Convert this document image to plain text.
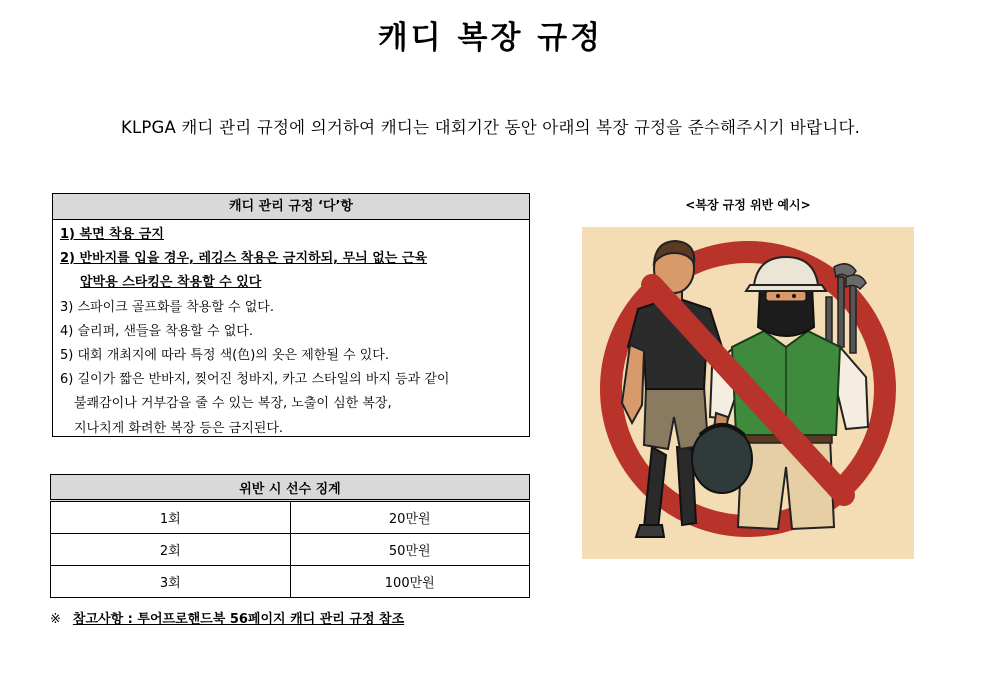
캐디 복장 규정
KLPGA 캐디 관리 규정에 의거하여 캐디는 대회기간 동안 아래의 복장 규정을 준수해주시기 바랍니다.
캐디 관리 규정 ‘다’항
1) 복면 착용 금지
2) 반바지를 입을 경우, 레깅스 착용은 금지하되, 무늬 없는 근육
압박용 스타킹은 착용할 수 있다
3) 스파이크 골프화를 착용할 수 없다.
4) 슬리퍼, 샌들을 착용할 수 없다.
5) 대회 개최지에 따라 특정 색(色)의 옷은 제한될 수 있다.
6) 길이가 짧은 반바지, 찢어진 청바지, 카고 스타일의 바지 등과 같이
불쾌감이나 거부감을 줄 수 있는 복장, 노출이 심한 복장,
지나치게 화려한 복장 등은 금지된다.
위반 시 선수 징계	
1회	20만원
2회	50만원
3회	100만원
※ 참고사항 : 투어프로핸드북 56페이지 캐디 관리 규정 참조
<복장 규정 위반 예시>
